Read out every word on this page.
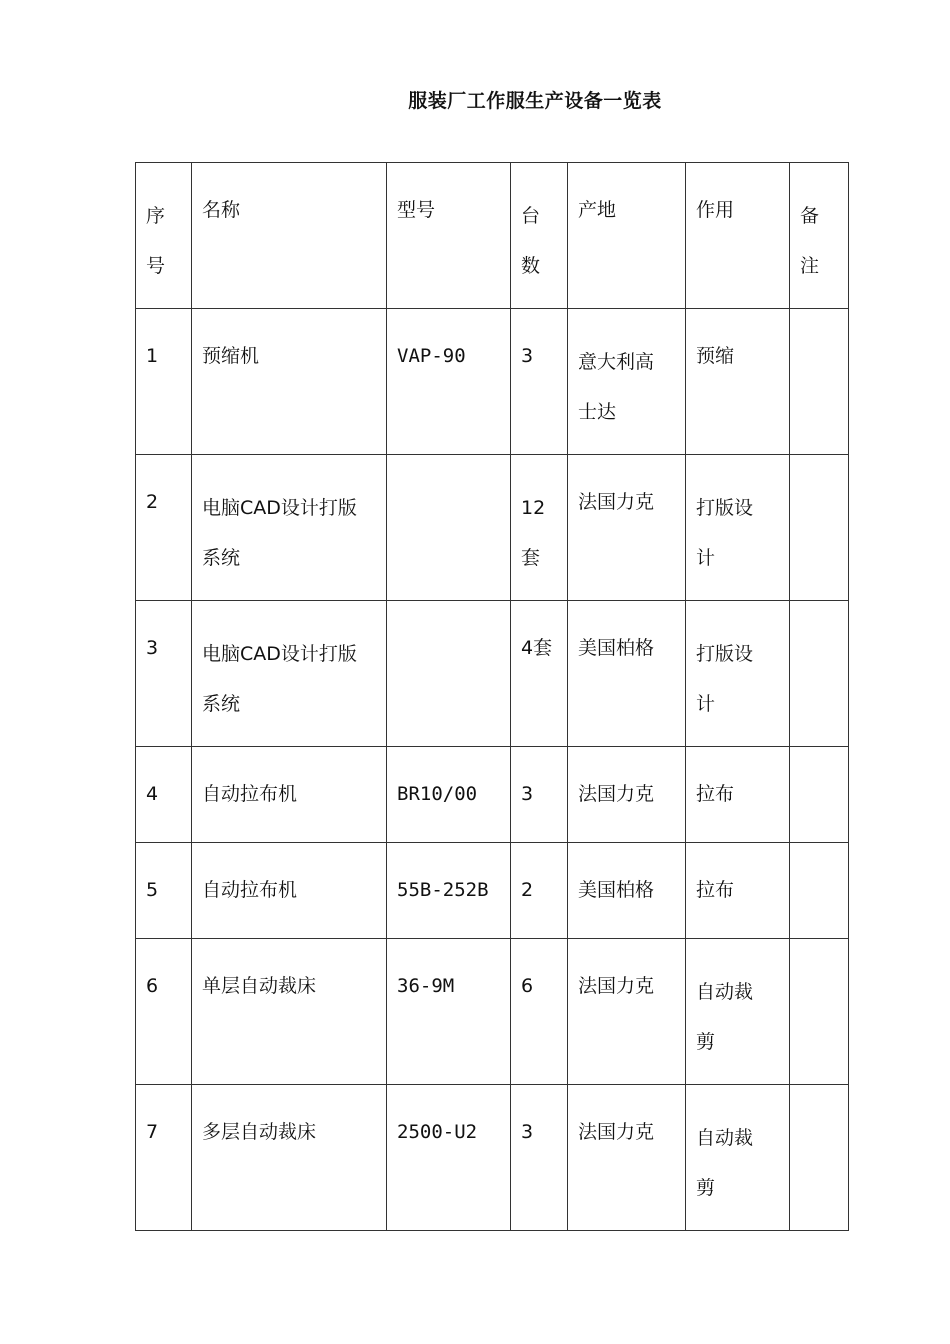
服装厂工作服生产设备一览表
序号	名称	型号	台数	产地	作用	备注

1	预缩机	VAP-90	3	意大利高士达	预缩	

2	电脑CAD设计打版系统		12套	法国力克	打版设计	

3	电脑CAD设计打版系统		4套	美国柏格	打版设计	

4	自动拉布机	BR10/00	3	法国力克	拉布	

5	自动拉布机	55B-252B	2	美国柏格	拉布	

6	单层自动裁床	36-9M	6	法国力克	自动裁剪	

7	多层自动裁床	2500-U2	3	法国力克	自动裁剪	
